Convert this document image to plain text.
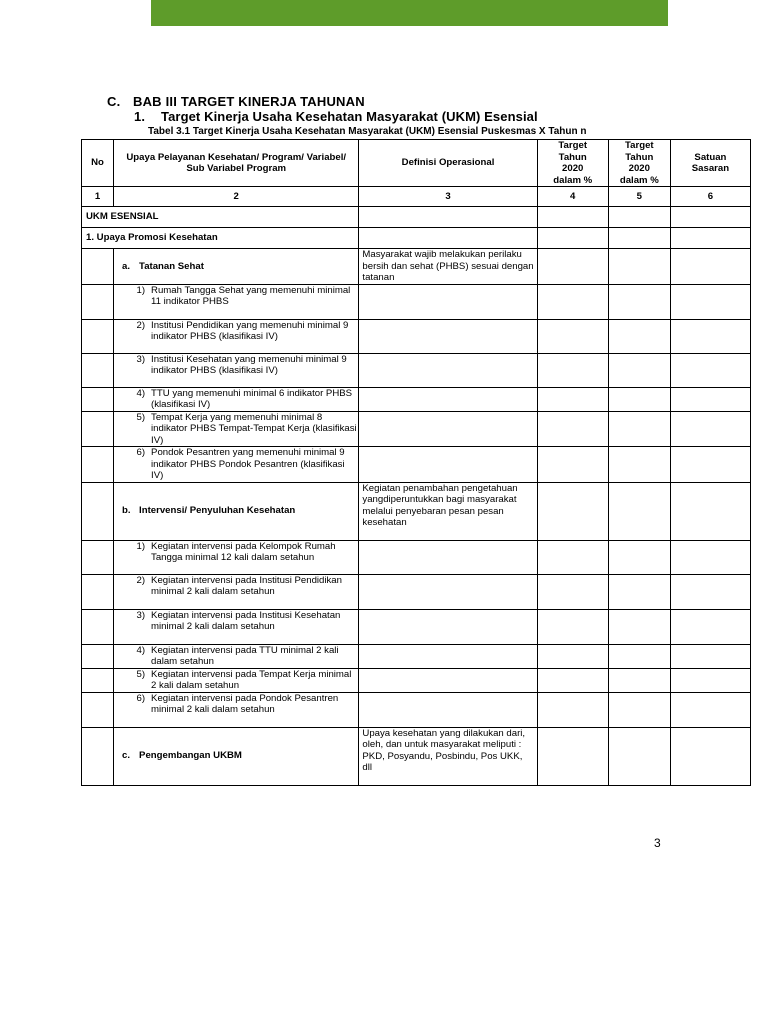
C. BAB III TARGET KINERJA TAHUNAN
1. Target Kinerja Usaha Kesehatan Masyarakat (UKM) Esensial
Tabel 3.1 Target Kinerja Usaha Kesehatan Masyarakat (UKM) Esensial Puskesmas X Tahun n
No	Upaya Pelayanan Kesehatan/ Program/ Variabel/ Sub Variabel Program	Definisi Operasional	Target Tahun 2020 dalam %	Target Tahun 2020 dalam %	Satuan Sasaran
1	2	3	4	5	6
UKM ESENSIAL					
1. Upaya Promosi Kesehatan					

	a. Tatanan Sehat	Masyarakat wajib melakukan perilaku bersih dan sehat (PHBS) sesuai dengan tatanan			

	1) Rumah Tangga Sehat yang memenuhi minimal 11 indikator PHBS				

	2) Institusi Pendidikan yang memenuhi minimal 9 indikator PHBS (klasifikasi IV)				

	3) Institusi Kesehatan yang memenuhi minimal 9 indikator PHBS (klasifikasi IV)				

	4) TTU yang memenuhi minimal 6 indikator PHBS (klasifikasi IV)				

	5) Tempat Kerja yang memenuhi minimal 8 indikator PHBS Tempat-Tempat Kerja (klasifikasi IV)				

	6) Pondok Pesantren yang memenuhi minimal 9 indikator PHBS Pondok Pesantren (klasifikasi IV)				

	b. Intervensi/ Penyuluhan Kesehatan	Kegiatan penambahan pengetahuan yangdiperuntukkan bagi masyarakat melalui penyebaran pesan pesan kesehatan			

	1) Kegiatan intervensi pada Kelompok Rumah Tangga minimal 12 kali dalam setahun				

	2) Kegiatan intervensi pada Institusi Pendidikan minimal 2 kali dalam setahun				

	3) Kegiatan intervensi pada Institusi Kesehatan minimal 2 kali dalam setahun				

	4) Kegiatan intervensi pada TTU minimal 2 kali dalam setahun				

	5) Kegiatan intervensi pada Tempat Kerja minimal 2 kali dalam setahun				

	6) Kegiatan intervensi pada Pondok Pesantren minimal 2 kali dalam setahun				

	c. Pengembangan UKBM	Upaya kesehatan yang dilakukan dari, oleh, dan untuk masyarakat meliputi : PKD, Posyandu, Posbindu, Pos UKK, dll			
3
